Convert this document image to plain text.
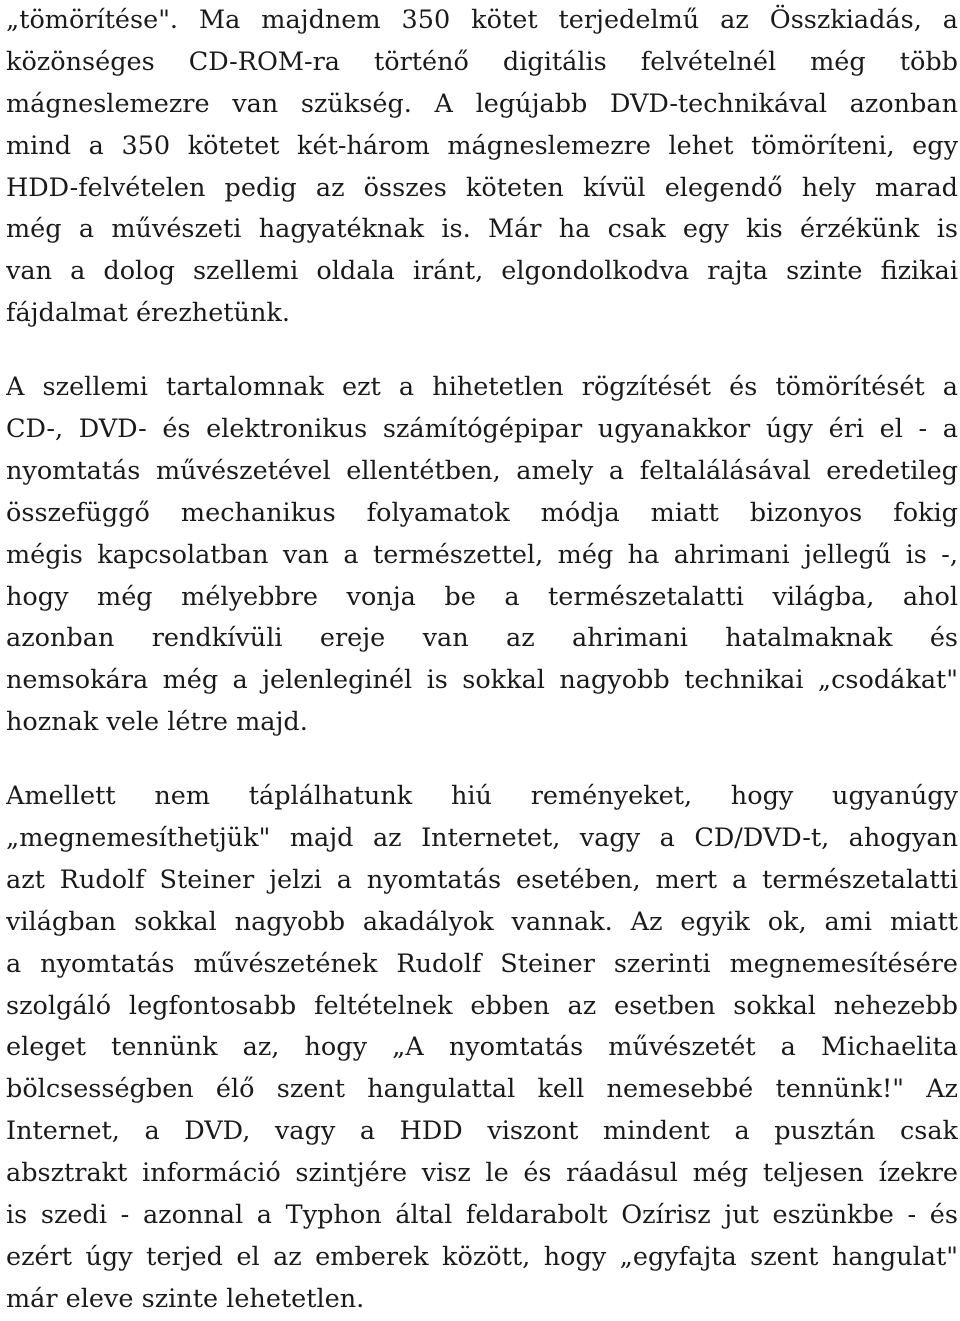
„tömörítése". Ma majdnem 350 kötet terjedelmű az Összkiadás, a
közönséges CD-ROM-ra történő digitális felvételnél még több
mágneslemezre van szükség. A legújabb DVD-technikával azonban
mind a 350 kötetet két-három mágneslemezre lehet tömöríteni, egy
HDD-felvételen pedig az összes köteten kívül elegendő hely marad
még a művészeti hagyatéknak is. Már ha csak egy kis érzékünk is
van a dolog szellemi oldala iránt, elgondolkodva rajta szinte fizikai
fájdalmat érezhetünk.
A szellemi tartalomnak ezt a hihetetlen rögzítését és tömörítését a
CD-, DVD- és elektronikus számítógépipar ugyanakkor úgy éri el - a
nyomtatás művészetével ellentétben, amely a feltalálásával eredetileg
összefüggő mechanikus folyamatok módja miatt bizonyos fokig
mégis kapcsolatban van a természettel, még ha ahrimani jellegű is -,
hogy még mélyebbre vonja be a természetalatti világba, ahol
azonban rendkívüli ereje van az ahrimani hatalmaknak és
nemsokára még a jelenleginél is sokkal nagyobb technikai „csodákat"
hoznak vele létre majd.
Amellett nem táplálhatunk hiú reményeket, hogy ugyanúgy
„megnemesíthetjük" majd az Internetet, vagy a CD/DVD-t, ahogyan
azt Rudolf Steiner jelzi a nyomtatás esetében, mert a természetalatti
világban sokkal nagyobb akadályok vannak. Az egyik ok, ami miatt
a nyomtatás művészetének Rudolf Steiner szerinti megnemesítésére
szolgáló legfontosabb feltételnek ebben az esetben sokkal nehezebb
eleget tennünk az, hogy „A nyomtatás művészetét a Michaelita
bölcsességben élő szent hangulattal kell nemesebbé tennünk!" Az
Internet, a DVD, vagy a HDD viszont mindent a pusztán csak
absztrakt információ szintjére visz le és ráadásul még teljesen ízekre
is szedi - azonnal a Typhon által feldarabolt Ozírisz jut eszünkbe - és
ezért úgy terjed el az emberek között, hogy „egyfajta szent hangulat"
már eleve szinte lehetetlen.
